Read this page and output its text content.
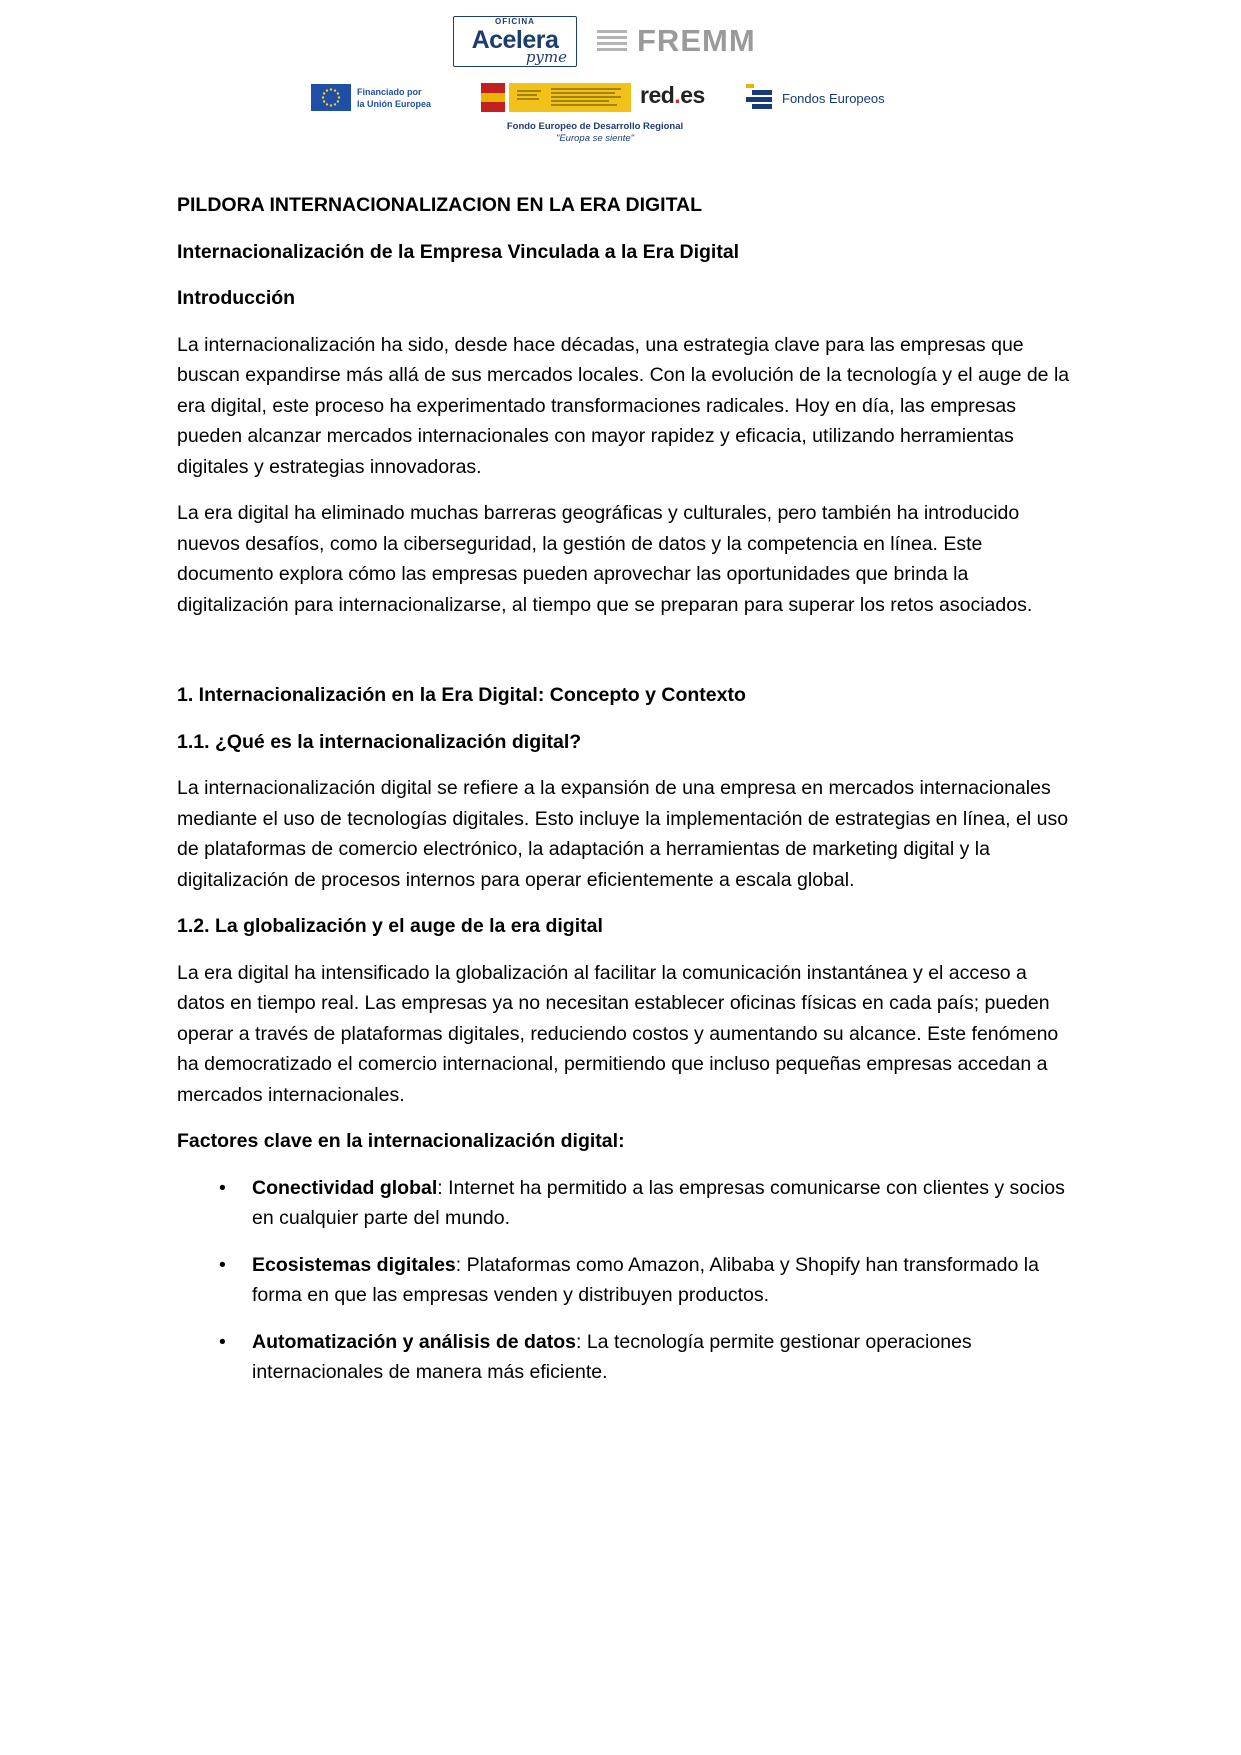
OFICINA
Acelera
pyme FREMM
Financiado por
la Unión Europea	red.es	Fondos Europeos
Fondo Europeo de Desarrollo Regional
"Europa se siente"

PILDORA INTERNACIONALIZACION EN LA ERA DIGITAL

Internacionalización de la Empresa Vinculada a la Era Digital

Introducción

La internacionalización ha sido, desde hace décadas, una estrategia clave para las empresas que buscan expandirse más allá de sus mercados locales. Con la evolución de la tecnología y el auge de la era digital, este proceso ha experimentado transformaciones radicales. Hoy en día, las empresas pueden alcanzar mercados internacionales con mayor rapidez y eficacia, utilizando herramientas digitales y estrategias innovadoras.

La era digital ha eliminado muchas barreras geográficas y culturales, pero también ha introducido nuevos desafíos, como la ciberseguridad, la gestión de datos y la competencia en línea. Este documento explora cómo las empresas pueden aprovechar las oportunidades que brinda la digitalización para internacionalizarse, al tiempo que se preparan para superar los retos asociados.

1. Internacionalización en la Era Digital: Concepto y Contexto

1.1. ¿Qué es la internacionalización digital?

La internacionalización digital se refiere a la expansión de una empresa en mercados internacionales mediante el uso de tecnologías digitales. Esto incluye la implementación de estrategias en línea, el uso de plataformas de comercio electrónico, la adaptación a herramientas de marketing digital y la digitalización de procesos internos para operar eficientemente a escala global.

1.2. La globalización y el auge de la era digital

La era digital ha intensificado la globalización al facilitar la comunicación instantánea y el acceso a datos en tiempo real. Las empresas ya no necesitan establecer oficinas físicas en cada país; pueden operar a través de plataformas digitales, reduciendo costos y aumentando su alcance. Este fenómeno ha democratizado el comercio internacional, permitiendo que incluso pequeñas empresas accedan a mercados internacionales.

Factores clave en la internacionalización digital:

• Conectividad global: Internet ha permitido a las empresas comunicarse con clientes y socios en cualquier parte del mundo.
• Ecosistemas digitales: Plataformas como Amazon, Alibaba y Shopify han transformado la forma en que las empresas venden y distribuyen productos.
• Automatización y análisis de datos: La tecnología permite gestionar operaciones internacionales de manera más eficiente.
